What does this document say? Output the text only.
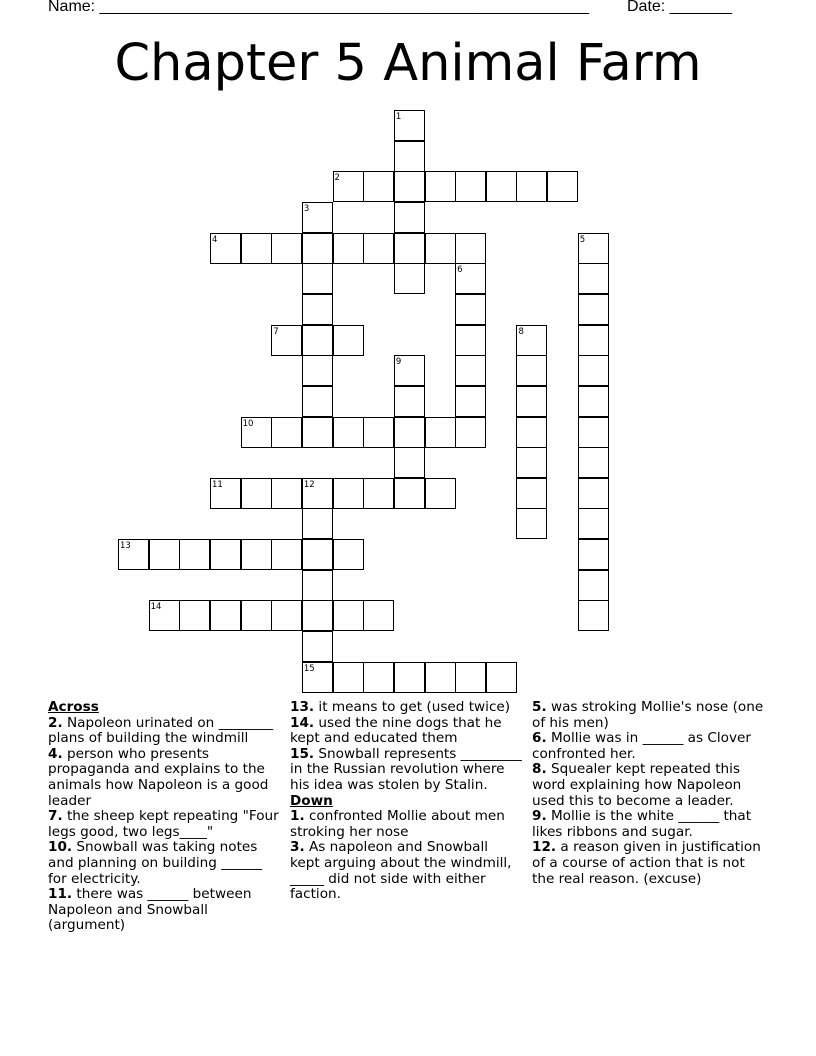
Name: _______________________________________________________ Date: _______
Chapter 5 Animal Farm
1
2
3
4	5
6
7	8
9
10
11	12
15
13
14
Across
2. Napoleon urinated on ________ plans of building the windmill
4. person who presents propaganda and explains to the animals how Napoleon is a good leader
7. the sheep kept repeating "Four legs good, two legs____"
10. Snowball was taking notes and planning on building ______ for electricity.
11. there was ______ between Napoleon and Snowball (argument)
13. it means to get (used twice)
14. used the nine dogs that he kept and educated them
15. Snowball represents _________ in the Russian revolution where his idea was stolen by Stalin.
Down
1. confronted Mollie about men stroking her nose
3. As napoleon and Snowball kept arguing about the windmill, _____ did not side with either faction.
5. was stroking Mollie's nose (one of his men)
6. Mollie was in ______ as Clover confronted her.
8. Squealer kept repeated this word explaining how Napoleon used this to become a leader.
9. Mollie is the white ______ that likes ribbons and sugar.
12. a reason given in justification of a course of action that is not the real reason. (excuse)
